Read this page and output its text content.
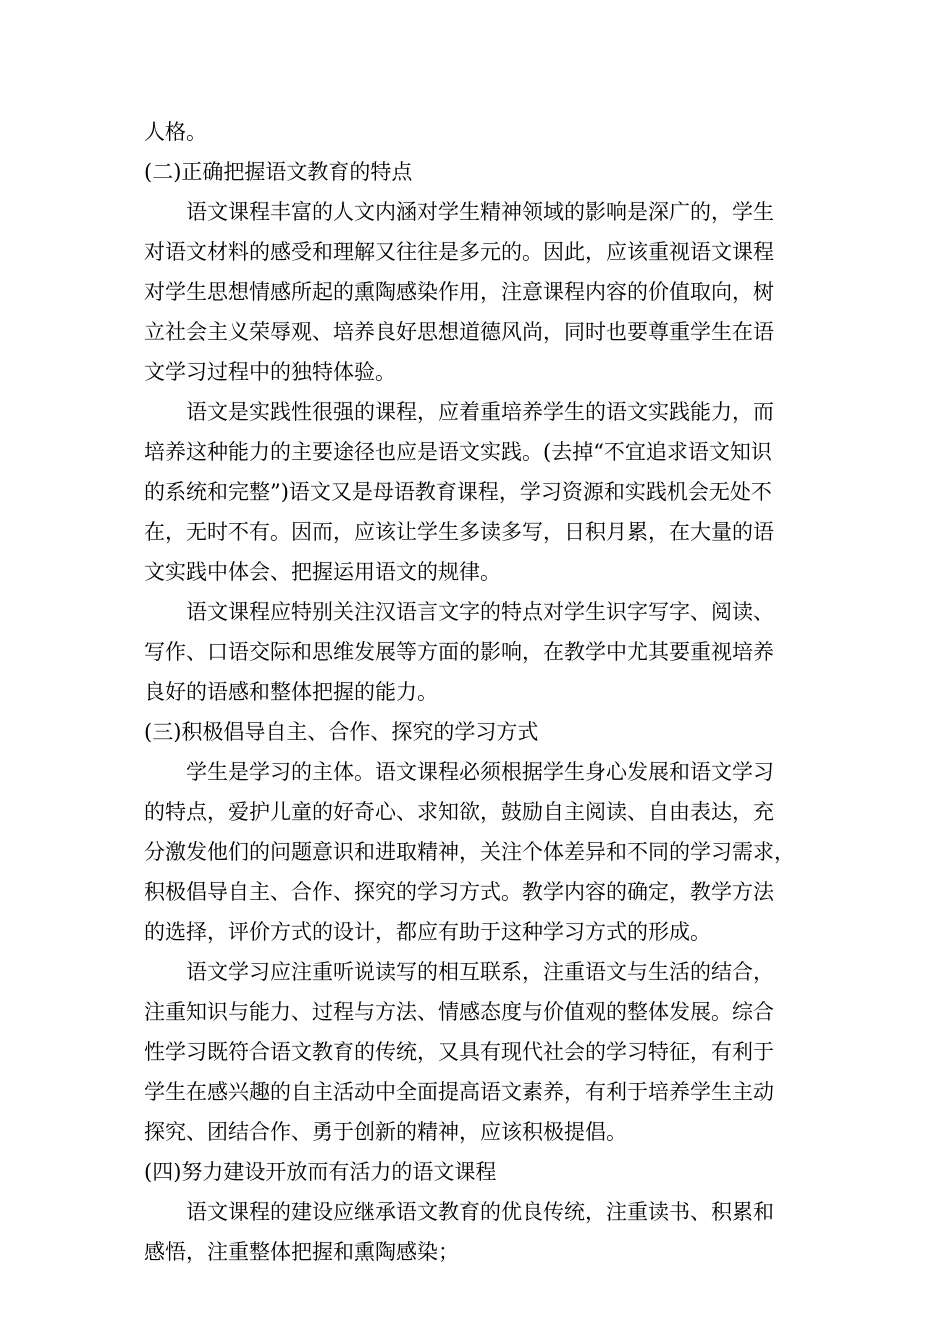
人格。
(二)正确把握语文教育的特点
语文课程丰富的人文内涵对学生精神领域的影响是深广的，学生
对语文材料的感受和理解又往往是多元的。因此，应该重视语文课程
对学生思想情感所起的熏陶感染作用，注意课程内容的价值取向，树
立社会主义荣辱观、培养良好思想道德风尚，同时也要尊重学生在语
文学习过程中的独特体验。
语文是实践性很强的课程，应着重培养学生的语文实践能力，而
培养这种能力的主要途径也应是语文实践。(去掉“不宜追求语文知识
的系统和完整”)语文又是母语教育课程，学习资源和实践机会无处不
在，无时不有。因而，应该让学生多读多写，日积月累，在大量的语
文实践中体会、把握运用语文的规律。
语文课程应特别关注汉语言文字的特点对学生识字写字、阅读、
写作、口语交际和思维发展等方面的影响，在教学中尤其要重视培养
良好的语感和整体把握的能力。
(三)积极倡导自主、合作、探究的学习方式
学生是学习的主体。语文课程必须根据学生身心发展和语文学习
的特点，爱护儿童的好奇心、求知欲，鼓励自主阅读、自由表达，充
分激发他们的问题意识和进取精神，关注个体差异和不同的学习需求，
积极倡导自主、合作、探究的学习方式。教学内容的确定，教学方法
的选择，评价方式的设计，都应有助于这种学习方式的形成。
语文学习应注重听说读写的相互联系，注重语文与生活的结合，
注重知识与能力、过程与方法、情感态度与价值观的整体发展。综合
性学习既符合语文教育的传统，又具有现代社会的学习特征，有利于
学生在感兴趣的自主活动中全面提高语文素养，有利于培养学生主动
探究、团结合作、勇于创新的精神，应该积极提倡。
(四)努力建设开放而有活力的语文课程
语文课程的建设应继承语文教育的优良传统，注重读书、积累和
感悟，注重整体把握和熏陶感染；
